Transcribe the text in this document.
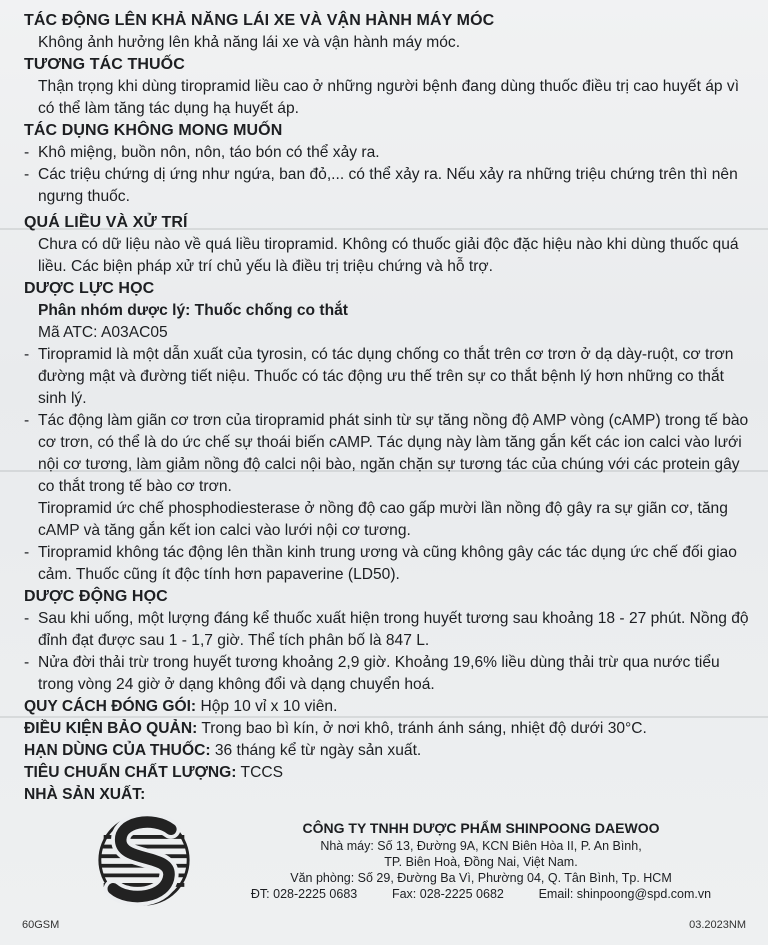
TÁC ĐỘNG LÊN KHẢ NĂNG LÁI XE VÀ VẬN HÀNH MÁY MÓC

Không ảnh hưởng lên khả năng lái xe và vận hành máy móc.

TƯƠNG TÁC THUỐC

Thận trọng khi dùng tiropramid liều cao ở những người bệnh đang dùng thuốc điều trị cao huyết áp vì có thể làm tăng tác dụng hạ huyết áp.

TÁC DỤNG KHÔNG MONG MUỐN

- Khô miệng, buồn nôn, nôn, táo bón có thể xảy ra.

- Các triệu chứng dị ứng như ngứa, ban đỏ,... có thể xảy ra. Nếu xảy ra những triệu chứng trên thì nên ngưng thuốc.

QUÁ LIỀU VÀ XỬ TRÍ

Chưa có dữ liệu nào về quá liều tiropramid. Không có thuốc giải độc đặc hiệu nào khi dùng thuốc quá liều. Các biện pháp xử trí chủ yếu là điều trị triệu chứng và hỗ trợ.

DƯỢC LỰC HỌC

Phân nhóm dược lý: Thuốc chống co thắt

Mã ATC: A03AC05

- Tiropramid là một dẫn xuất của tyrosin, có tác dụng chống co thắt trên cơ trơn ở dạ dày-ruột, cơ trơn đường mật và đường tiết niệu. Thuốc có tác động ưu thế trên sự co thắt bệnh lý hơn những co thắt sinh lý.

- Tác động làm giãn cơ trơn của tiropramid phát sinh từ sự tăng nồng độ AMP vòng (cAMP) trong tế bào cơ trơn, có thể là do ức chế sự thoái biến cAMP. Tác dụng này làm tăng gắn kết các ion calci vào lưới nội cơ tương, làm giảm nồng độ calci nội bào, ngăn chặn sự tương tác của chúng với các protein gây co thắt trong tế bào cơ trơn.

Tiropramid ức chế phosphodiesterase ở nồng độ cao gấp mười lần nồng độ gây ra sự giãn cơ, tăng cAMP và tăng gắn kết ion calci vào lưới nội cơ tương.

- Tiropramid không tác động lên thần kinh trung ương và cũng không gây các tác dụng ức chế đối giao cảm. Thuốc cũng ít độc tính hơn papaverine (LD50).

DƯỢC ĐỘNG HỌC

- Sau khi uống, một lượng đáng kể thuốc xuất hiện trong huyết tương sau khoảng 18 - 27 phút. Nồng độ đỉnh đạt được sau 1 - 1,7 giờ. Thể tích phân bố là 847 L.

- Nửa đời thải trừ trong huyết tương khoảng 2,9 giờ. Khoảng 19,6% liều dùng thải trừ qua nước tiểu trong vòng 24 giờ ở dạng không đổi và dạng chuyển hoá.

QUY CÁCH ĐÓNG GÓI: Hộp 10 vỉ x 10 viên.

ĐIỀU KIỆN BẢO QUẢN: Trong bao bì kín, ở nơi khô, tránh ánh sáng, nhiệt độ dưới 30°C.

HẠN DÙNG CỦA THUỐC: 36 tháng kể từ ngày sản xuất.

TIÊU CHUẨN CHẤT LƯỢNG: TCCS

NHÀ SẢN XUẤT:

CÔNG TY TNHH DƯỢC PHẨM SHINPOONG DAEWOO
Nhà máy: Số 13, Đường 9A, KCN Biên Hòa II, P. An Bình,
TP. Biên Hoà, Đồng Nai, Việt Nam.
Văn phòng: Số 29, Đường Ba Vì, Phường 04, Q. Tân Bình, Tp. HCM
ĐT: 028-2225 0683	Fax: 028-2225 0682	Email: shinpoong@spd.com.vn
60GSM	03.2023NM
